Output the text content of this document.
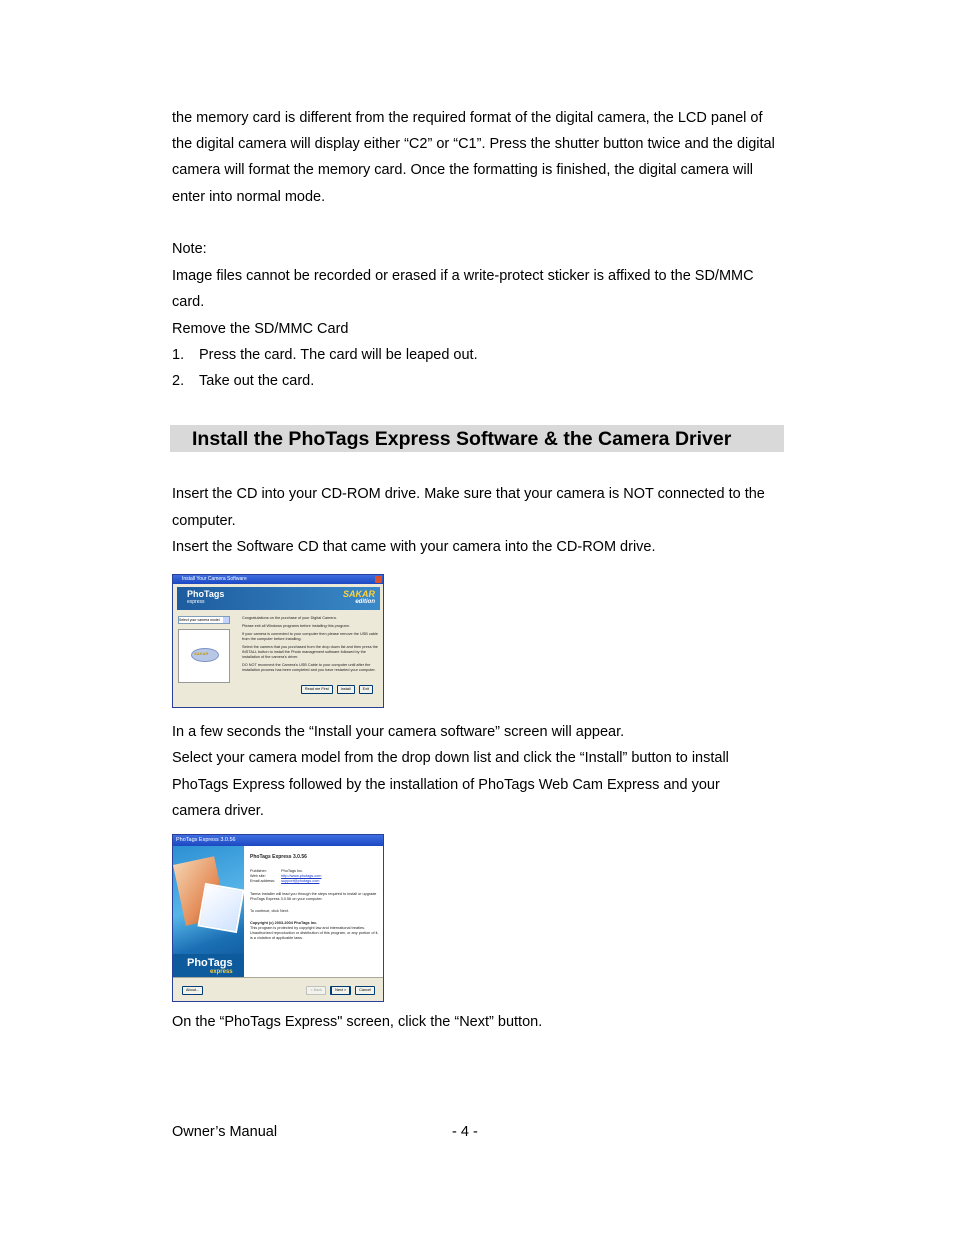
the memory card is different from the required format of the digital camera, the LCD panel of

the digital camera will display either “C2” or “C1”. Press the shutter button twice and the digital

camera will format the memory card. Once the formatting is finished, the digital camera will

enter into normal mode.

Note:

Image files cannot be recorded or erased if a write-protect sticker is affixed to the SD/MMC

card.

Remove the SD/MMC Card

1. Press the card. The card will be leaped out.

2. Take out the card.

Install the PhoTags Express Software & the Camera Driver

Insert the CD into your CD-ROM drive. Make sure that your camera is NOT connected to the

computer.

Insert the Software CD that came with your camera into the CD-ROM drive.

Install Your Camera Software
PhoTags
express
SAKAR
edition
Select your camera model
SAKAR
Congratulations on the purchase of your Digital Camera.
Please exit all Windows programs before installing this program.
If your camera is connected to your computer then please remove the USB cable from the computer before installing.
Select the camera that you purchased from the drop down list and then press the INSTALL button to install the Photo management software followed by the installation of the camera's driver.
DO NOT reconnect the Camera's USB Cable to your computer until after the installation process has been completed and you have restarted your computer.
Read me First	Install	Exit

In a few seconds the “Install your camera software” screen will appear.

Select your camera model from the drop down list and click the “Install” button to install

PhoTags Express followed by the installation of PhoTags Web Cam Express and your

camera driver.

PhoTags Express 3.0.56
PhoTags
express
PhoTags Express 3.0.56
Publisher:	PhoTags Inc.
Web site:	http://www.photags.com
Email address:	support@photags.com
Tarma Installer will lead you through the steps required to install or upgrade PhoTags Express 3.0.56 on your computer.
To continue, click Next.
Copyright (c) 2003-2004 PhoTags Inc.
This program is protected by copyright law and international treaties. Unauthorized reproduction or distribution of this program, or any portion of it, is a violation of applicable laws.
About...	< Back	Next >	Cancel

On the “PhoTags Express" screen, click the “Next” button.

Owner’s Manual	- 4 -
